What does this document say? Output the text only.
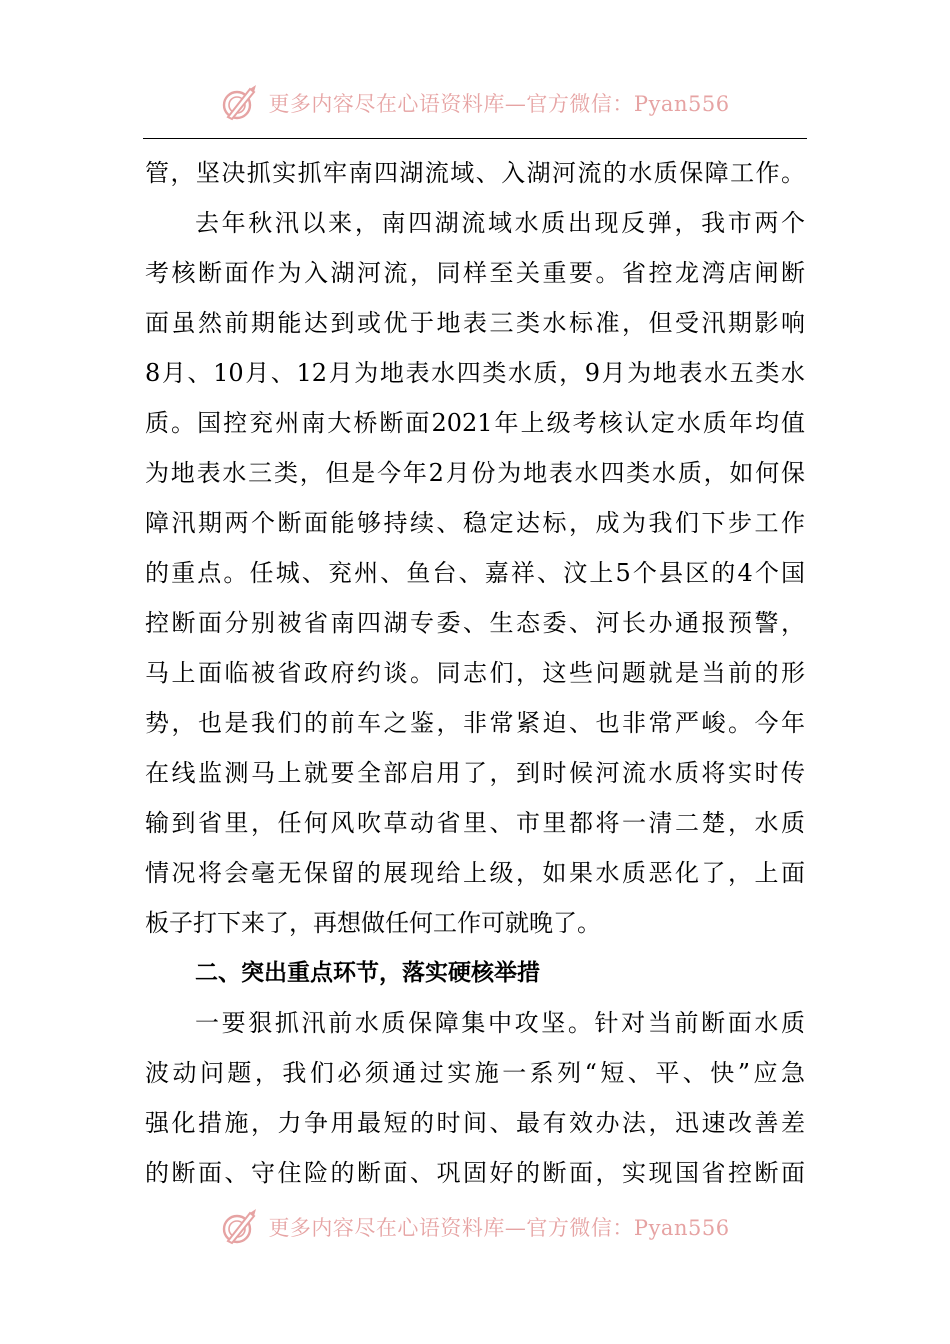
更多内容尽在心语资料库—官方微信：Pyan556
管，坚决抓实抓牢南四湖流域、入湖河流的水质保障工作。
去年秋汛以来，南四湖流域水质出现反弹，我市两个
考核断面作为入湖河流，同样至关重要。省控龙湾店闸断
面虽然前期能达到或优于地表三类水标准，但受汛期影响
8月、10月、12月为地表水四类水质，9月为地表水五类水
质。国控兖州南大桥断面2021年上级考核认定水质年均值
为地表水三类，但是今年2月份为地表水四类水质，如何保
障汛期两个断面能够持续、稳定达标，成为我们下步工作
的重点。任城、兖州、鱼台、嘉祥、汶上5个县区的4个国
控断面分别被省南四湖专委、生态委、河长办通报预警，
马上面临被省政府约谈。同志们，这些问题就是当前的形
势，也是我们的前车之鉴，非常紧迫、也非常严峻。今年
在线监测马上就要全部启用了，到时候河流水质将实时传
输到省里，任何风吹草动省里、市里都将一清二楚，水质
情况将会毫无保留的展现给上级，如果水质恶化了，上面
板子打下来了，再想做任何工作可就晚了。
二、突出重点环节，落实硬核举措
一要狠抓汛前水质保障集中攻坚。针对当前断面水质
波动问题，我们必须通过实施一系列“短、平、快”应急
强化措施，力争用最短的时间、最有效办法，迅速改善差
的断面、守住险的断面、巩固好的断面，实现国省控断面
更多内容尽在心语资料库—官方微信：Pyan556
